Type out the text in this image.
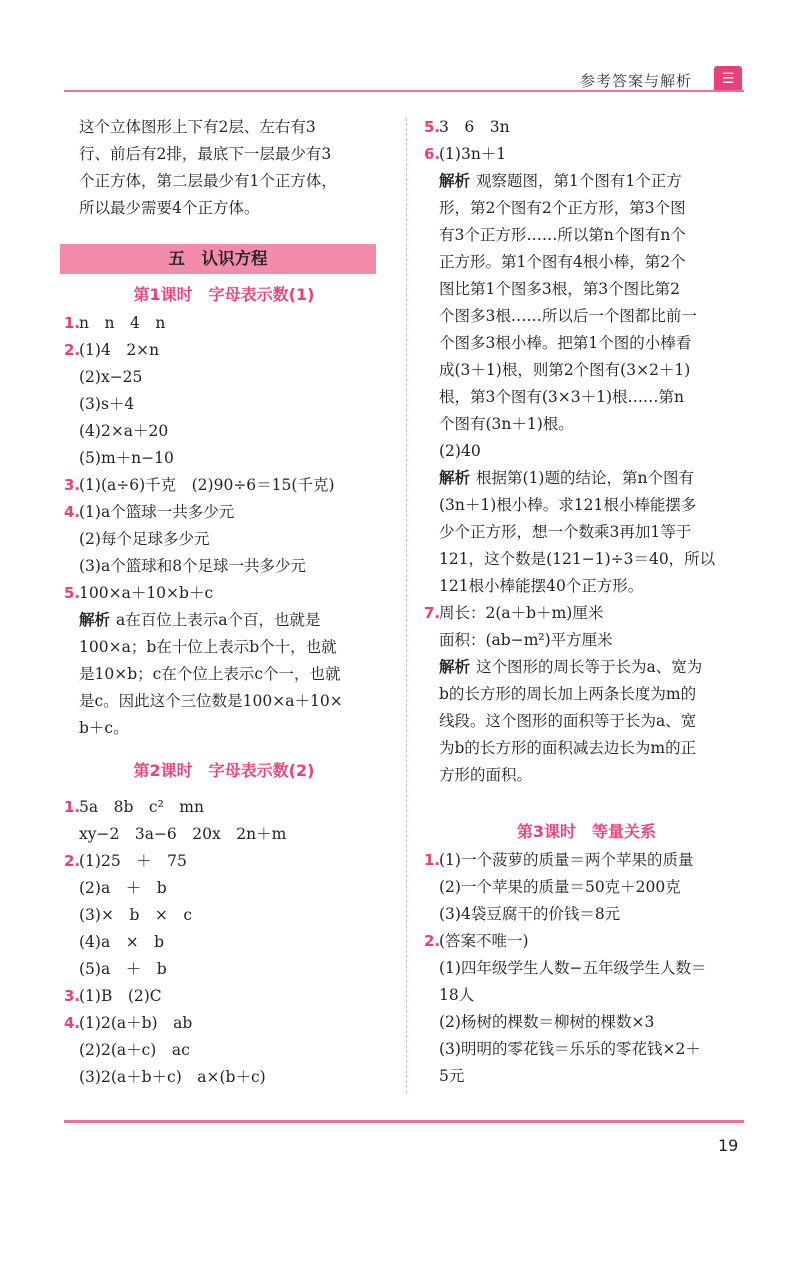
参考答案与解析	☰
这个立体图形上下有2层、左右有3
行、前后有2排，最底下一层最少有3
个正方体，第二层最少有1个正方体，
所以最少需要4个正方体。
五　认识方程
第1课时　字母表示数(1)
1.n　n　4　n
2.(1)4　2×n
(2)x−25
(3)s＋4
(4)2×a＋20
(5)m＋n−10
3.(1)(a÷6)千克　(2)90÷6＝15(千克)
4.(1)a个篮球一共多少元
(2)每个足球多少元
(3)a个篮球和8个足球一共多少元
5.100×a＋10×b＋c
解析 a在百位上表示a个百，也就是
100×a；b在十位上表示b个十，也就
是10×b；c在个位上表示c个一，也就
是c。因此这个三位数是100×a＋10×
b＋c。
第2课时　字母表示数(2)
1.5a　8b　c²　mn
xy−2　3a−6　20x　2n＋m
2.(1)25　＋　75
(2)a　＋　b
(3)×　b　×　c
(4)a　×　b
(5)a　＋　b
3.(1)B　(2)C
4.(1)2(a＋b)　ab
(2)2(a＋c)　ac
(3)2(a＋b＋c)　a×(b＋c)
5.3　6　3n
6.(1)3n＋1
解析 观察题图，第1个图有1个正方
形，第2个图有2个正方形，第3个图
有3个正方形……所以第n个图有n个
正方形。第1个图有4根小棒，第2个
图比第1个图多3根，第3个图比第2
个图多3根……所以后一个图都比前一
个图多3根小棒。把第1个图的小棒看
成(3＋1)根，则第2个图有(3×2＋1)
根，第3个图有(3×3＋1)根……第n
个图有(3n＋1)根。
(2)40
解析 根据第(1)题的结论，第n个图有
(3n＋1)根小棒。求121根小棒能摆多
少个正方形，想一个数乘3再加1等于
121，这个数是(121−1)÷3＝40，所以
121根小棒能摆40个正方形。
7.周长：2(a＋b＋m)厘米
面积：(ab−m²)平方厘米
解析 这个图形的周长等于长为a、宽为
b的长方形的周长加上两条长度为m的
线段。这个图形的面积等于长为a、宽
为b的长方形的面积减去边长为m的正
方形的面积。
第3课时　等量关系
1.(1)一个菠萝的质量＝两个苹果的质量
(2)一个苹果的质量＝50克＋200克
(3)4袋豆腐干的价钱＝8元
2.(答案不唯一)
(1)四年级学生人数−五年级学生人数＝
18人
(2)杨树的棵数＝柳树的棵数×3
(3)明明的零花钱＝乐乐的零花钱×2＋
5元
19
